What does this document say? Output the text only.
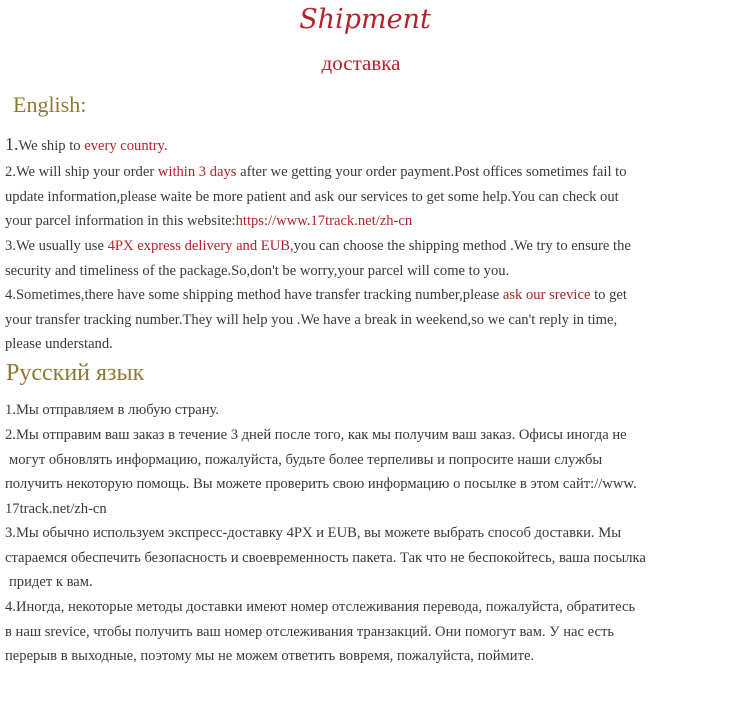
Shipment
доставка
English:
1.We ship to every country.
2.We will ship your order within 3 days after we getting your order payment.Post offices sometimes fail to
update information,please waite be more patient and ask our services to get some help.You can check out
your parcel information in this website:https://www.17track.net/zh-cn
3.We usually use 4PX express delivery and EUB,you can choose the shipping method .We try to ensure the
security and timeliness of the package.So,don't be worry,your parcel will come to you.
4.Sometimes,there have some shipping method have transfer tracking number,please ask our srevice to get
your transfer tracking number.They will help you .We have a break in weekend,so we can't reply in time,
please understand.
Русский язык
1.Мы отправляем в любую страну.
2.Мы отправим ваш заказ в течение 3 дней после того, как мы получим ваш заказ. Офисы иногда не
могут обновлять информацию, пожалуйста, будьте более терпеливы и попросите наши службы
получить некоторую помощь. Вы можете проверить свою информацию о посылке в этом сайт://www.
17track.net/zh-cn
3.Мы обычно используем экспресс-доставку 4PX и EUB, вы можете выбрать способ доставки. Мы
стараемся обеспечить безопасность и своевременность пакета. Так что не беспокойтесь, ваша посылка
придет к вам.
4.Иногда, некоторые методы доставки имеют номер отслеживания перевода, пожалуйста, обратитесь
в наш srevice, чтобы получить ваш номер отслеживания транзакций. Они помогут вам. У нас есть
перерыв в выходные, поэтому мы не можем ответить вовремя, пожалуйста, поймите.
